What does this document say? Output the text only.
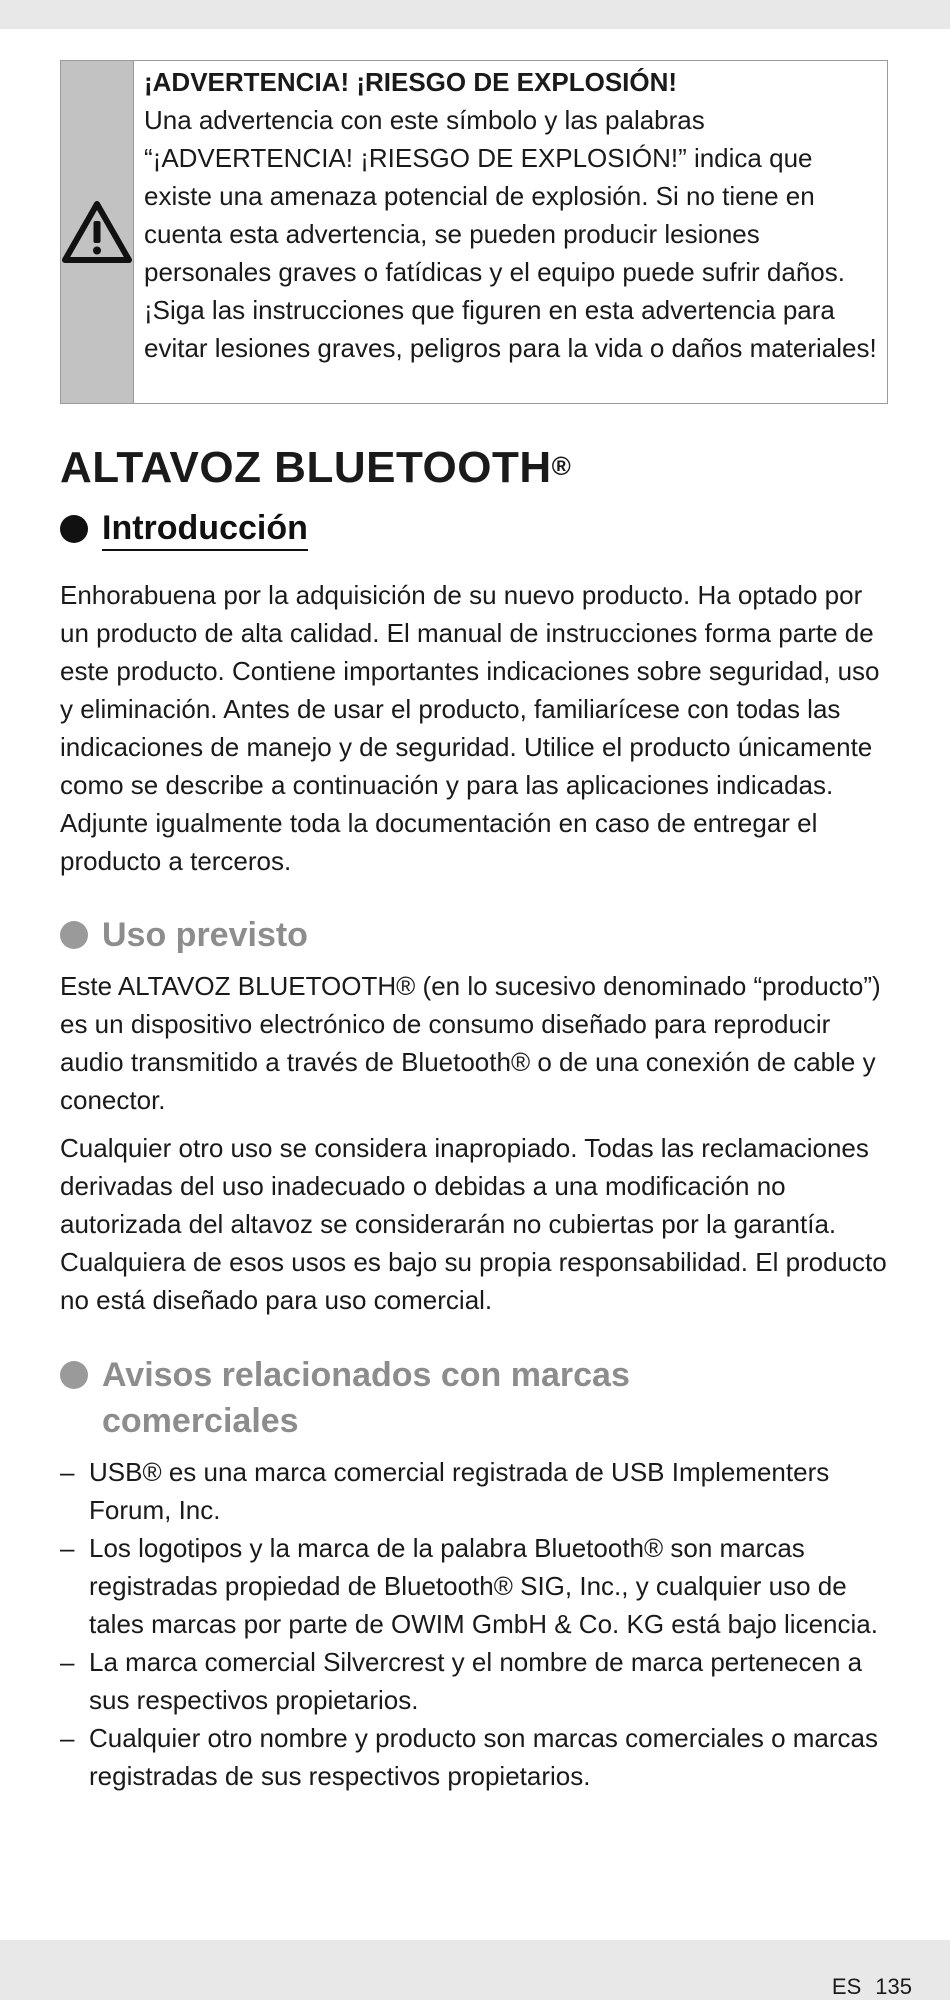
¡ADVERTENCIA! ¡RIESGO DE EXPLOSIÓN!
Una advertencia con este símbolo y las palabras “¡ADVERTENCIA! ¡RIESGO DE EXPLOSIÓN!” indica que existe una amenaza potencial de explosión. Si no tiene en cuenta esta advertencia, se pueden producir lesiones personales graves o fatídicas y el equipo puede sufrir daños. ¡Siga las instrucciones que figuren en esta advertencia para evitar lesiones graves, peligros para la vida o daños materiales!
ALTAVOZ BLUETOOTH®
Introducción

Enhorabuena por la adquisición de su nuevo producto. Ha optado por un producto de alta calidad. El manual de instrucciones forma parte de este producto. Contiene importantes indicaciones sobre seguridad, uso y eliminación. Antes de usar el producto, familiarícese con todas las indicaciones de manejo y de seguridad. Utilice el producto únicamente como se describe a continuación y para las aplicaciones indicadas. Adjunte igualmente toda la documentación en caso de entregar el producto a terceros.

Uso previsto

Este ALTAVOZ BLUETOOTH® (en lo sucesivo denominado “producto”) es un dispositivo electrónico de consumo diseñado para reproducir audio transmitido a través de Bluetooth® o de una conexión de cable y conector.

Cualquier otro uso se considera inapropiado. Todas las reclamaciones derivadas del uso inadecuado o debidas a una modificación no autorizada del altavoz se considerarán no cubiertas por la garantía. Cualquiera de esos usos es bajo su propia responsabilidad. El producto no está diseñado para uso comercial.

Avisos relacionados con marcas
comerciales
– USB® es una marca comercial registrada de USB Implementers Forum, Inc.
– Los logotipos y la marca de la palabra Bluetooth® son marcas registradas propiedad de Bluetooth® SIG, Inc., y cualquier uso de tales marcas por parte de OWIM GmbH & Co. KG está bajo licencia.
– La marca comercial Silvercrest y el nombre de marca pertenecen a sus respectivos propietarios.
– Cualquier otro nombre y producto son marcas comerciales o marcas registradas de sus respectivos propietarios.
ES 135
